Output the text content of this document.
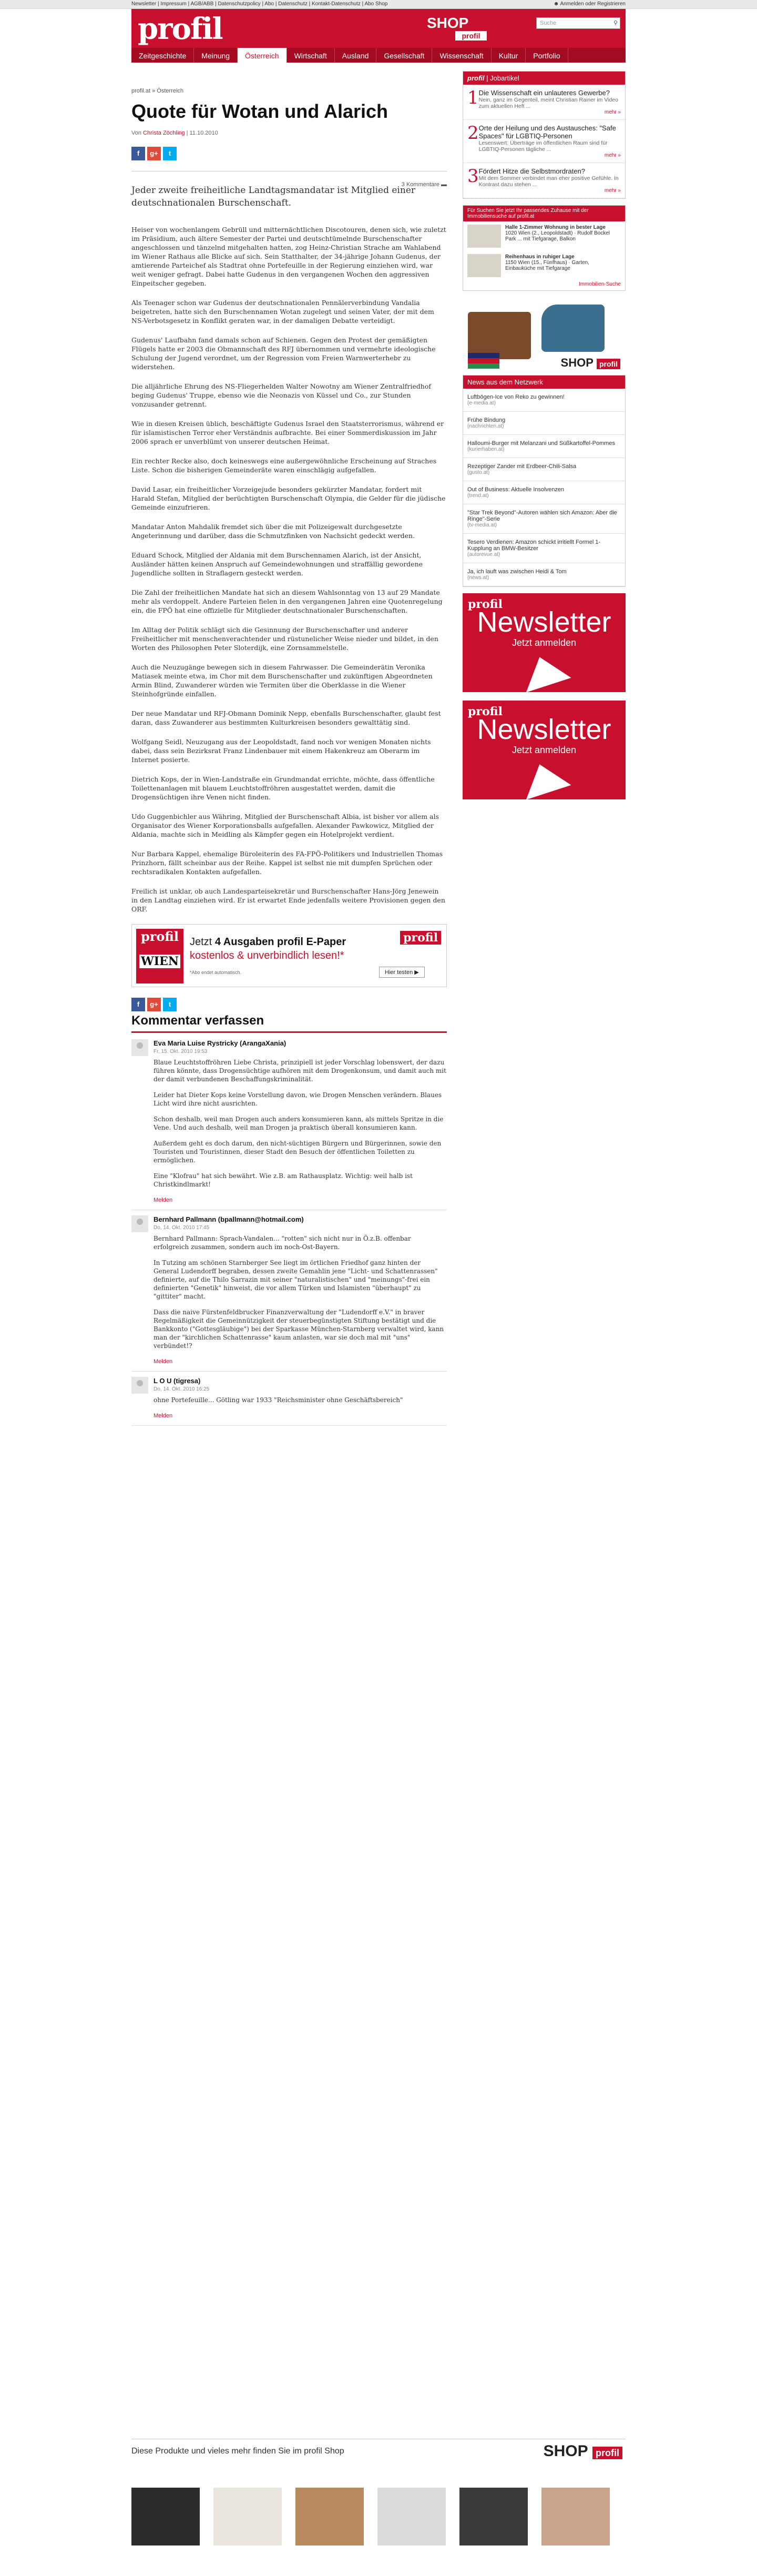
Newsletter | Impressum | AGB/ABB | Datenschutzpolicy | Abo | Datenschutz | Kontakt-Datenschutz | Abo Shop	☻ Anmelden oder Registrieren
profil	SHOP
profil
Suche	⚲
Zeitgeschichte	Meinung	Österreich	Wirtschaft	Ausland	Gesellschaft	Wissenschaft	Kultur	Portfolio
profil.at » Österreich
Quote für Wotan und Alarich
Von Christa Zöchling | 11.10.2010
f	g+	t
3 Kommentare ▬
Jeder zweite freiheitliche Landtagsmandatar ist Mitglied einer deutschnationalen Burschenschaft.

Heiser von wochenlangem Gebrüll und mitternächtlichen Discotouren, denen sich, wie zuletzt im Präsidium, auch ältere Semester der Partei und deutschtümelnde Burschenschafter angeschlossen und tänzelnd mitgehalten hatten, zog Heinz-Christian Strache am Wahlabend im Wiener Rathaus alle Blicke auf sich. Sein Statthalter, der 34-jährige Johann Gudenus, der amtierende Parteichef als Stadtrat ohne Portefeuille in der Regierung einziehen wird, war weit weniger gefragt. Dabei hatte Gudenus in den vergangenen Wochen den aggressiven Einpeitscher gegeben.

Als Teenager schon war Gudenus der deutschnationalen Pennälerverbindung Vandalia beigetreten, hatte sich den Burschennamen Wotan zugelegt und seinen Vater, der mit dem NS-Verbotsgesetz in Konflikt geraten war, in der damaligen Debatte verteidigt.

Gudenus' Laufbahn fand damals schon auf Schienen. Gegen den Protest der gemäßigten Flügels hatte er 2003 die Obmannschaft des RFJ übernommen und vermehrte ideologische Schulung der Jugend verordnet, um der Regression vom Freien Warnwerterhebr zu widerstehen.

Die alljährliche Ehrung des NS-Fliegerhelden Walter Nowotny am Wiener Zentralfriedhof beging Gudenus' Truppe, ebenso wie die Neonazis von Küssel und Co., zur Stunden vonzusander getrennt.

Wie in diesen Kreisen üblich, beschäftigte Gudenus Israel den Staatsterrorismus, während er für islamistischen Terror eher Verständnis aufbrachte. Bei einer Sommerdiskussion im Jahr 2006 sprach er unverblümt von unserer deutschen Heimat.

Ein rechter Recke also, doch keineswegs eine außergewöhnliche Erscheinung auf Straches Liste. Schon die bisherigen Gemeinderäte waren einschlägig aufgefallen.

David Lasar, ein freiheitlicher Vorzeigejude besonders gekürzter Mandatar, fordert mit Harald Stefan, Mitglied der berüchtigten Burschenschaft Olympia, die Gelder für die jüdische Gemeinde einzufrieren.

Mandatar Anton Mahdalik fremdet sich über die mit Polizeigewalt durchgesetzte Angeterinnung und darüber, dass die Schmutzfinken von Nachsicht gedeckt werden.

Eduard Schock, Mitglied der Aldania mit dem Burschennamen Alarich, ist der Ansicht, Ausländer hätten keinen Anspruch auf Gemeindewohnungen und straffällig gewordene Jugendliche sollten in Straflagern gesteckt werden.

Die Zahl der freiheitlichen Mandate hat sich an diesem Wahlsonntag von 13 auf 29 Mandate mehr als verdoppelt. Andere Parteien fielen in den vergangenen Jahren eine Quotenregelung ein, die FPÖ hat eine offizielle für Mitglieder deutschnationaler Burschenschaften.

Im Alltag der Politik schlägt sich die Gesinnung der Burschenschafter und anderer Freiheitlicher mit menschenverachtender und rüstunelicher Weise nieder und bildet, in den Worten des Philosophen Peter Sloterdijk, eine Zornsammelstelle.

Auch die Neuzugänge bewegen sich in diesem Fahrwasser. Die Gemeinderätin Veronika Matiasek meinte etwa, im Chor mit dem Burschenschafter und zukünftigen Abgeordneten Armin Blind, Zuwanderer würden wie Termiten über die Oberklasse in die Wiener Steinhofgründe einfallen.

Der neue Mandatar und RFJ-Obmann Dominik Nepp, ebenfalls Burschenschafter, glaubt fest daran, dass Zuwanderer aus bestimmten Kulturkreisen besonders gewalttätig sind.

Wolfgang Seidl, Neuzugang aus der Leopoldstadt, fand noch vor wenigen Monaten nichts dabei, dass sein Bezirksrat Franz Lindenbauer mit einem Hakenkreuz am Oberarm im Internet posierte.

Dietrich Kops, der in Wien-Landstraße ein Grundmandat errichte, möchte, dass öffentliche Toilettenanlagen mit blauem Leuchtstoffröhren ausgestattet werden, damit die Drogensüchtigen ihre Venen nicht finden.

Udo Guggenbichler aus Währing, Mitglied der Burschenschaft Albia, ist bisher vor allem als Organisator des Wiener Korporationsballs aufgefallen. Alexander Pawkowicz, Mitglied der Aldania, machte sich in Meidling als Kämpfer gegen ein Hotelprojekt verdient.

Nur Barbara Kappel, ehemalige Büroleiterin des FA-FPÖ-Politikers und Industriellen Thomas Prinzhorn, fällt scheinbar aus der Reihe. Kappel ist selbst nie mit dumpfen Sprüchen oder rechtsradikalen Kontakten aufgefallen.

Freilich ist unklar, ob auch Landesparteisekretär und Burschenschafter Hans-Jörg Jenewein in den Landtag einziehen wird. Er ist erwartet Ende jedenfalls weitere Provisionen gegen den ORF.

profil
WIEN
Jetzt 4 Ausgaben profil E-Paper
kostenlos & unverbindlich lesen!*
*Abo endet automatisch.	Hier testen ▶
profil
f	g+	t
Kommentar verfassen
Eva Maria Luise Rystricky (ArangaXania)
Fr, 15. Okt. 2010 19:53

Blaue Leuchtstoffröhren Liebe Christa, prinzipiell ist jeder Vorschlag lobenswert, der dazu führen könnte, dass Drogensüchtige aufhören mit dem Drogenkonsum, und damit auch mit der damit verbundenen Beschaffungskriminalität.

Leider hat Dieter Kops keine Vorstellung davon, wie Drogen Menschen verändern. Blaues Licht wird ihre nicht ausrichten.

Schon deshalb, weil man Drogen auch anders konsumieren kann, als mittels Spritze in die Vene. Und auch deshalb, weil man Drogen ja praktisch überall konsumieren kann.

Außerdem geht es doch darum, den nicht-süchtigen Bürgern und Bürgerinnen, sowie den Touristen und Touristinnen, dieser Stadt den Besuch der öffentlichen Toiletten zu ermöglichen.

Eine "Klofrau" hat sich bewährt. Wie z.B. am Rathausplatz. Wichtig: weil halb ist Christkindlmarkt!

Melden
Bernhard Pallmann (bpallmann@hotmail.com)
Do, 14. Okt. 2010 17:45

Bernhard Pallmann: Sprach-Vandalen... "rotten" sich nicht nur in Ö.z.B. offenbar erfolgreich zusammen, sondern auch im noch-Ost-Bayern.

In Tutzing am schönen Starnberger See liegt im örtlichen Friedhof ganz hinten der General Ludendorff begraben, dessen zweite Gemahlin jene "Licht- und Schattenrassen" definierte, auf die Thilo Sarrazin mit seiner "naturalistischen" und "meinungs"-frei ein definierten "Genetik" hinweist, die vor allem Türken und Islamisten "überhaupt" zu "gittiter" macht.

Dass die naive Fürstenfeldbrucker Finanzverwaltung der "Ludendorff e.V." in braver Regelmäßigkeit die Gemeinnützigkeit der steuerbegünstigten Stiftung bestätigt und die Bankkonto ("Gottesgläubige") bei der Sparkasse München-Starnberg verwaltet wird, kann man der "kirchlichen Schattenrasse" kaum anlasten, war sie doch mal mit "uns" verbündet!?

Melden
L O U (tigresa)
Do, 14. Okt. 2010 16:25

ohne Portefeuille... Götling war 1933 "Reichsminister ohne Geschäftsbereich"

Melden
profil | Jobartikel
1 Die Wissenschaft ein unlauteres Gewerbe?
Nein, ganz im Gegenteil, meint Christian Rainer im Video zum aktuellen Heft ...
mehr »
2 Orte der Heilung und des Austausches: "Safe Spaces" für LGBTIQ-Personen
Lesenswert: Überträge im öffentlichen Raum sind für LGBTIQ-Personen tägliche ...
mehr »
3 Fördert Hitze die Selbstmordraten?
Mit dem Sommer verbindet man eher positive Gefühle. In Kontrast dazu stehen ...
mehr »
Für Suchen Sie jetzt Ihr passendes Zuhause mit der Immobiliensuche auf profil.at
Halle 1-Zimmer Wohnung in bester Lage
1020 Wien (2., Leopoldstadt) · Rudolf Bockel Park ... mit Tiefgarage, Balkon
Reihenhaus in ruhiger Lage
1150 Wien (15., Fünfhaus) · Garten, Einbauküche mit Tiefgarage
Immobilien-Suche
SHOP profil
News aus dem Netzwerk
Luftbögen-Ice von Reko zu gewinnen!
(e-media.at)
Frühe Bindung
(nachrichten.at)
Halloumi-Burger mit Melanzani und Süßkartoffel-Pommes
(kurierhaben.at)
Rezeptiger Zander mit Erdbeer-Chili-Salsa
(gusto.at)
Out of Business: Aktuelle Insolvenzen
(trend.at)
"Star Trek Beyond"-Autoren wählen sich Amazon: Aber die Ringe"-Serie
(tv-media.at)
Tesero Verdienen: Amazon schickt irritiellt Formel 1-Kupplung an BMW-Besitzer
(autorevue.at)
Ja, ich lauft was zwischen Heidi & Tom
(news.at)
profil
Newsletter
Jetzt anmelden
profil
Newsletter
Jetzt anmelden
Diese Produkte und vieles mehr finden Sie im profil Shop	SHOP profil
